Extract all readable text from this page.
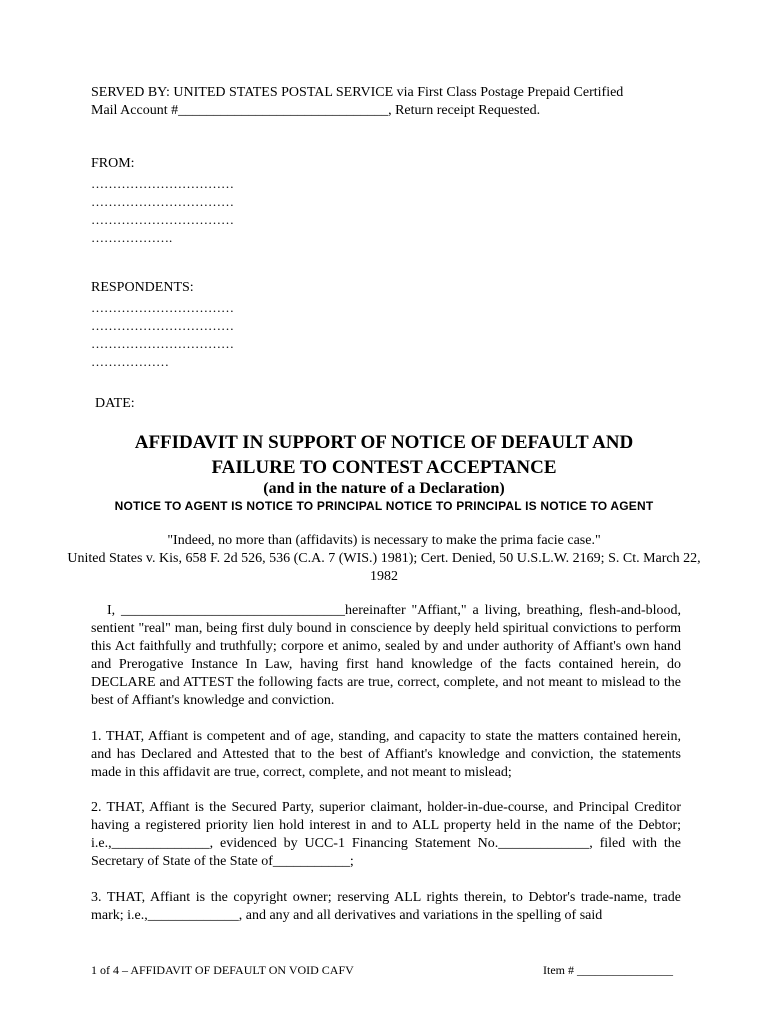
SERVED BY: UNITED STATES POSTAL SERVICE via First Class Postage Prepaid Certified
Mail Account #______________________________, Return receipt Requested.
FROM:
……………………………
……………………………
……………………………
……………….
RESPONDENTS:
……………………………
……………………………
……………………………
………………
DATE:
AFFIDAVIT IN SUPPORT OF NOTICE OF DEFAULT AND
FAILURE TO CONTEST ACCEPTANCE
(and in the nature of a Declaration)
NOTICE TO AGENT IS NOTICE TO PRINCIPAL NOTICE TO PRINCIPAL IS NOTICE TO AGENT
"Indeed, no more than (affidavits) is necessary to make the prima facie case."
United States v. Kis, 658 F. 2d 526, 536 (C.A. 7 (WIS.) 1981); Cert. Denied, 50 U.S.L.W. 2169; S. Ct. March 22, 1982
I, ________________________________hereinafter "Affiant," a living, breathing, flesh-and-blood, sentient "real" man, being first duly bound in conscience by deeply held spiritual convictions to perform this Act faithfully and truthfully; corpore et animo, sealed by and under authority of Affiant's own hand and Prerogative Instance In Law, having first hand knowledge of the facts contained herein, do DECLARE and ATTEST the following facts are true, correct, complete, and not meant to mislead to the best of Affiant's knowledge and conviction.
1. THAT, Affiant is competent and of age, standing, and capacity to state the matters contained herein, and has Declared and Attested that to the best of Affiant's knowledge and conviction, the statements made in this affidavit are true, correct, complete, and not meant to mislead;
2. THAT, Affiant is the Secured Party, superior claimant, holder-in-due-course, and Principal Creditor having a registered priority lien hold interest in and to ALL property held in the name of the Debtor; i.e.,______________, evidenced by UCC-1 Financing Statement No._____________, filed with the Secretary of State of the State of___________;
3. THAT, Affiant is the copyright owner; reserving ALL rights therein, to Debtor's trade-name, trade mark; i.e.,_____________, and any and all derivatives and variations in the spelling of said
1 of 4 – AFFIDAVIT OF DEFAULT ON VOID CAFV	Item # ________________
